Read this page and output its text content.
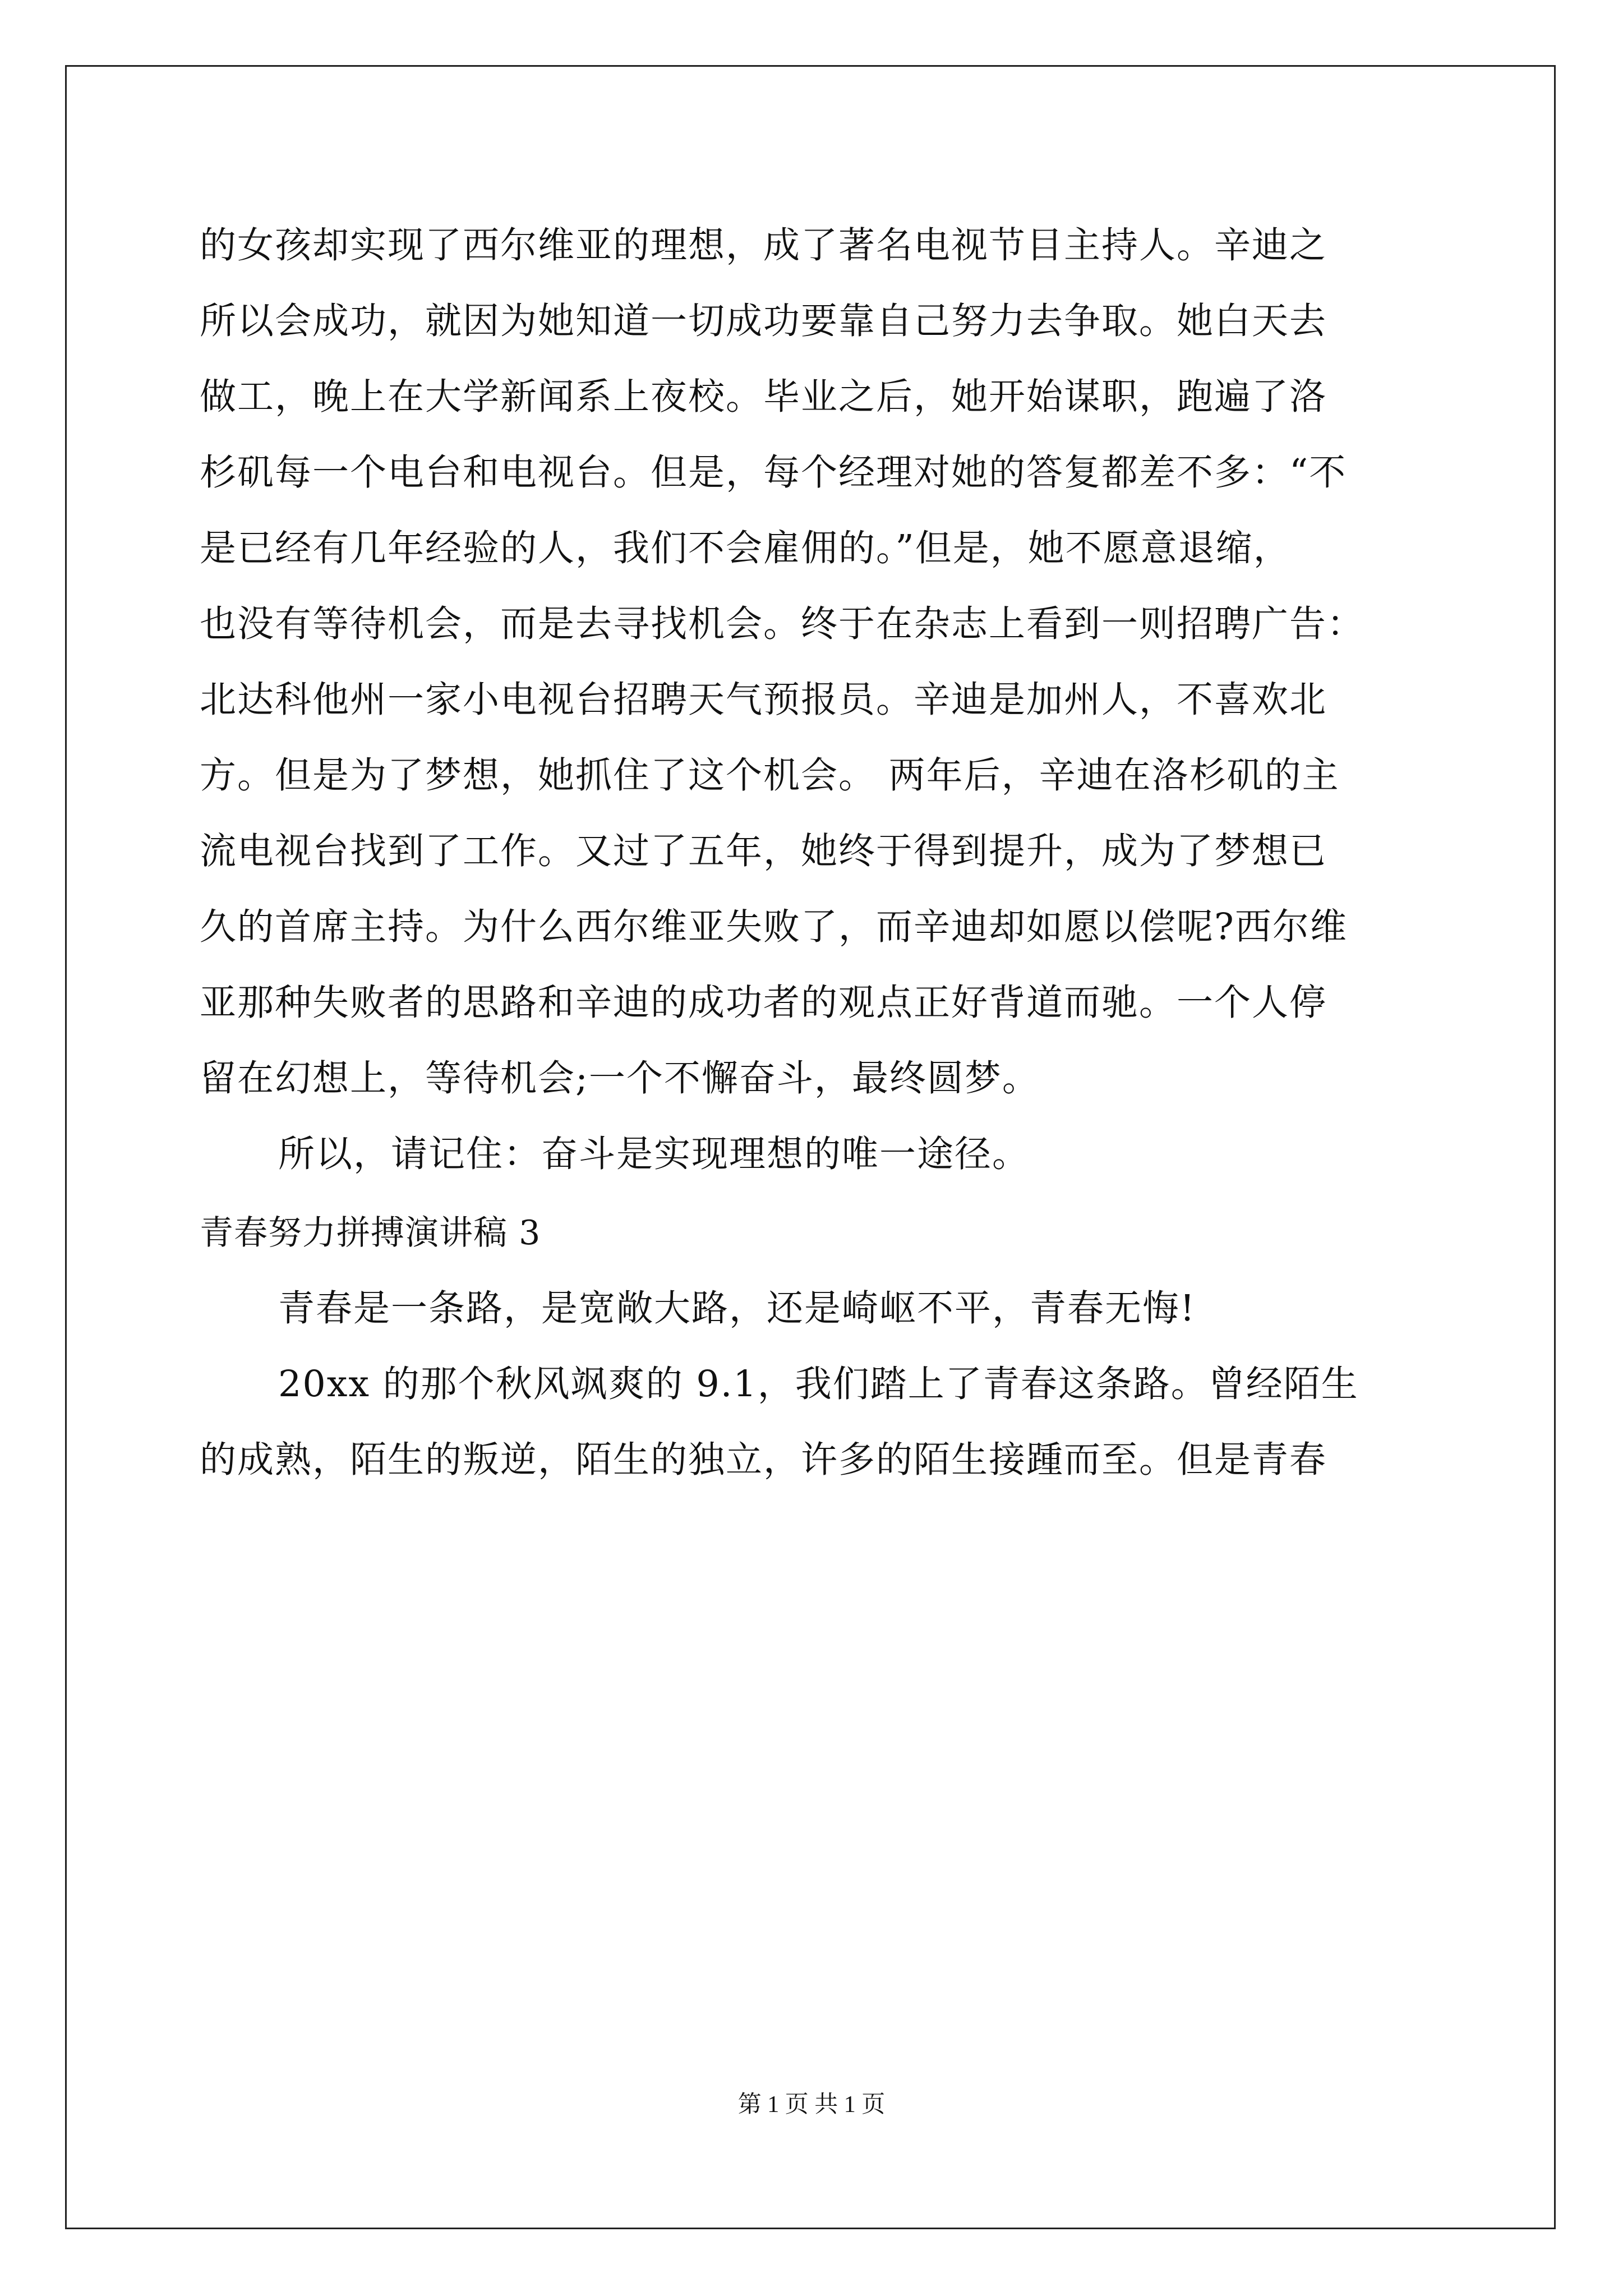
的女孩却实现了西尔维亚的理想，成了著名电视节目主持人。辛迪之
所以会成功，就因为她知道一切成功要靠自己努力去争取。她白天去
做工，晚上在大学新闻系上夜校。毕业之后，她开始谋职，跑遍了洛
杉矶每一个电台和电视台。但是，每个经理对她的答复都差不多：“不
是已经有几年经验的人，我们不会雇佣的。”但是，她不愿意退缩，
也没有等待机会，而是去寻找机会。终于在杂志上看到一则招聘广告：
北达科他州一家小电视台招聘天气预报员。辛迪是加州人，不喜欢北
方。但是为了梦想，她抓住了这个机会。 两年后，辛迪在洛杉矶的主
流电视台找到了工作。又过了五年，她终于得到提升，成为了梦想已
久的首席主持。为什么西尔维亚失败了，而辛迪却如愿以偿呢?西尔维
亚那种失败者的思路和辛迪的成功者的观点正好背道而驰。一个人停
留在幻想上，等待机会;一个不懈奋斗，最终圆梦。
所以，请记住：奋斗是实现理想的唯一途径。
青春努力拼搏演讲稿 3
青春是一条路，是宽敞大路，还是崎岖不平，青春无悔!
20xx 的那个秋风飒爽的 9.1，我们踏上了青春这条路。曾经陌生
的成熟，陌生的叛逆，陌生的独立，许多的陌生接踵而至。但是青春
第 1 页 共 1 页
